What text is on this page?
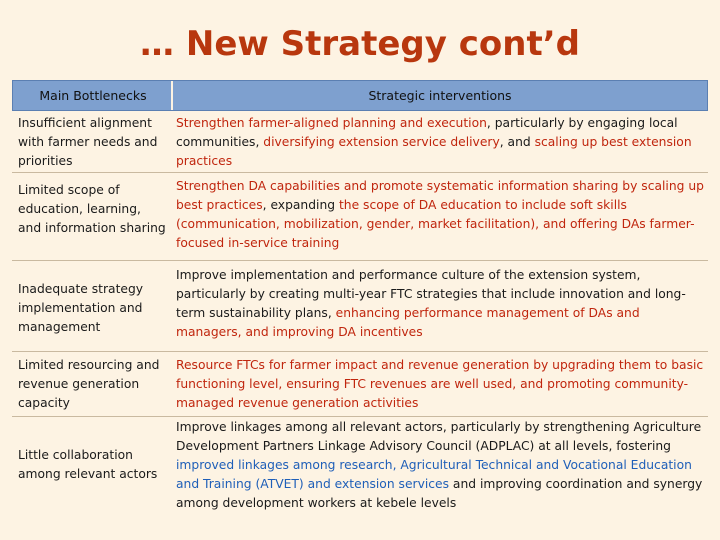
… New Strategy cont’d
Main Bottlenecks	Strategic interventions
Insufficient alignment with farmer needs and priorities
Strengthen farmer-aligned planning and execution, particularly by engaging local communities, diversifying extension service delivery, and scaling up best extension practices
Limited scope of education, learning, and information sharing
Strengthen DA capabilities and promote systematic information sharing by scaling up best practices, expanding the scope of DA education to include soft skills (communication, mobilization, gender, market facilitation), and offering DAs farmer-focused in-service training
Inadequate strategy implementation and management
Improve implementation and performance culture of the extension system, particularly by creating multi-year FTC strategies that include innovation and long-term sustainability plans, enhancing performance management of DAs and managers, and improving DA incentives
Limited resourcing and revenue generation capacity
Resource FTCs for farmer impact and revenue generation by upgrading them to basic functioning level, ensuring FTC revenues are well used, and promoting community-managed revenue generation activities
Little collaboration among relevant actors
Improve linkages among all relevant actors, particularly by strengthening Agriculture Development Partners Linkage Advisory Council (ADPLAC) at all levels, fostering improved linkages among research, Agricultural Technical and Vocational Education and Training (ATVET) and extension services and improving coordination and synergy among development workers at kebele levels
